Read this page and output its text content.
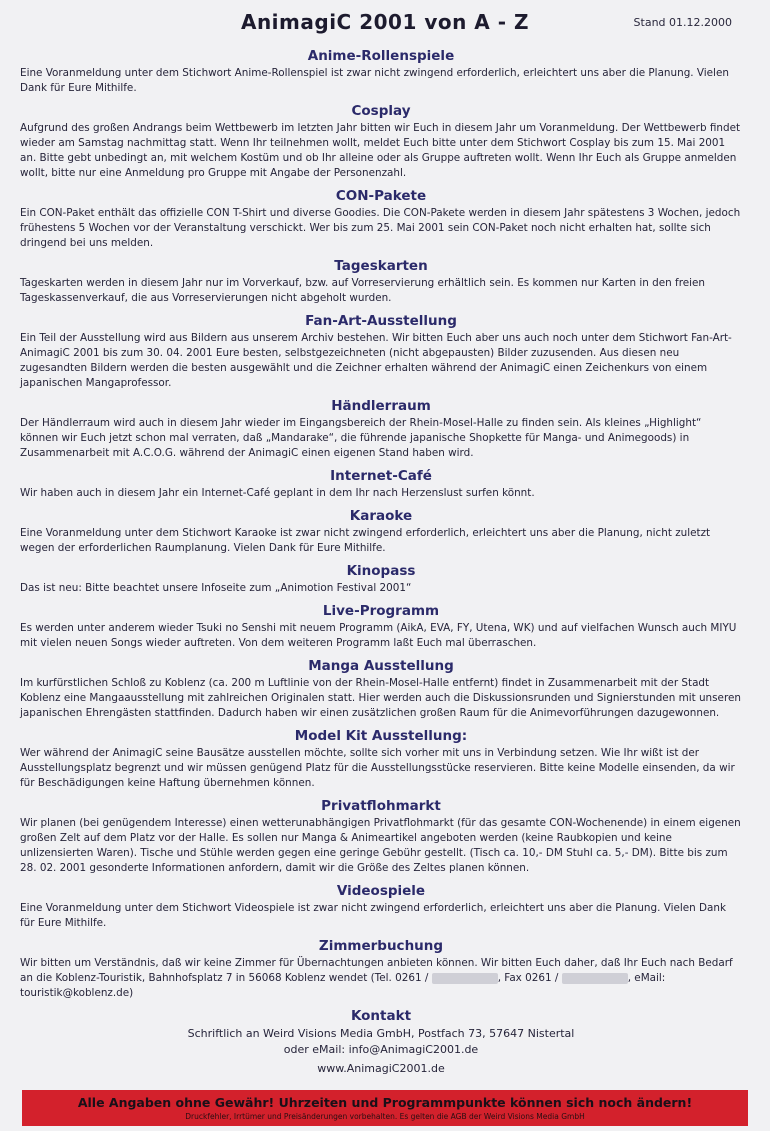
AnimagiC 2001 von A - Z	Stand 01.12.2000
Anime-Rollenspiele

Eine Voranmeldung unter dem Stichwort Anime-Rollenspiel ist zwar nicht zwingend erforderlich, erleichtert uns aber die Planung. Vielen Dank für Eure Mithilfe.

Cosplay

Aufgrund des großen Andrangs beim Wettbewerb im letzten Jahr bitten wir Euch in diesem Jahr um Voranmeldung. Der Wettbewerb findet wieder am Samstag nachmittag statt. Wenn Ihr teilnehmen wollt, meldet Euch bitte unter dem Stichwort Cosplay bis zum 15. Mai 2001 an. Bitte gebt unbedingt an, mit welchem Kostüm und ob Ihr alleine oder als Gruppe auftreten wollt. Wenn Ihr Euch als Gruppe anmelden wollt, bitte nur eine Anmeldung pro Gruppe mit Angabe der Personenzahl.

CON-Pakete

Ein CON-Paket enthält das offizielle CON T-Shirt und diverse Goodies. Die CON-Pakete werden in diesem Jahr spätestens 3 Wochen, jedoch frühestens 5 Wochen vor der Veranstaltung verschickt. Wer bis zum 25. Mai 2001 sein CON-Paket noch nicht erhalten hat, sollte sich dringend bei uns melden.

Tageskarten

Tageskarten werden in diesem Jahr nur im Vorverkauf, bzw. auf Vorreservierung erhältlich sein. Es kommen nur Karten in den freien Tageskassenverkauf, die aus Vorreservierungen nicht abgeholt wurden.

Fan-Art-Ausstellung

Ein Teil der Ausstellung wird aus Bildern aus unserem Archiv bestehen. Wir bitten Euch aber uns auch noch unter dem Stichwort Fan-Art-AnimagiC 2001 bis zum 30. 04. 2001 Eure besten, selbstgezeichneten (nicht abgepausten) Bilder zuzusenden. Aus diesen neu zugesandten Bildern werden die besten ausgewählt und die Zeichner erhalten während der AnimagiC einen Zeichenkurs von einem japanischen Mangaprofessor.

Händlerraum

Der Händlerraum wird auch in diesem Jahr wieder im Eingangsbereich der Rhein-Mosel-Halle zu finden sein. Als kleines „Highlight“ können wir Euch jetzt schon mal verraten, daß „Mandarake“, die führende japanische Shopkette für Manga- und Animegoods) in Zusammenarbeit mit A.C.O.G. während der AnimagiC einen eigenen Stand haben wird.

Internet-Café

Wir haben auch in diesem Jahr ein Internet-Café geplant in dem Ihr nach Herzenslust surfen könnt.

Karaoke

Eine Voranmeldung unter dem Stichwort Karaoke ist zwar nicht zwingend erforderlich, erleichtert uns aber die Planung, nicht zuletzt wegen der erforderlichen Raumplanung. Vielen Dank für Eure Mithilfe.

Kinopass

Das ist neu: Bitte beachtet unsere Infoseite zum „Animotion Festival 2001“

Live-Programm

Es werden unter anderem wieder Tsuki no Senshi mit neuem Programm (AikA, EVA, FY, Utena, WK) und auf vielfachen Wunsch auch MIYU mit vielen neuen Songs wieder auftreten. Von dem weiteren Programm laßt Euch mal überraschen.

Manga Ausstellung

Im kurfürstlichen Schloß zu Koblenz (ca. 200 m Luftlinie von der Rhein-Mosel-Halle entfernt) findet in Zusammenarbeit mit der Stadt Koblenz eine Mangaausstellung mit zahlreichen Originalen statt. Hier werden auch die Diskussionsrunden und Signierstunden mit unseren japanischen Ehrengästen stattfinden. Dadurch haben wir einen zusätzlichen großen Raum für die Animevorführungen dazugewonnen.

Model Kit Ausstellung:

Wer während der AnimagiC seine Bausätze ausstellen möchte, sollte sich vorher mit uns in Verbindung setzen. Wie Ihr wißt ist der Ausstellungsplatz begrenzt und wir müssen genügend Platz für die Ausstellungsstücke reservieren. Bitte keine Modelle einsenden, da wir für Beschädigungen keine Haftung übernehmen können.

Privatflohmarkt

Wir planen (bei genügendem Interesse) einen wetterunabhängigen Privatflohmarkt (für das gesamte CON-Wochenende) in einem eigenen großen Zelt auf dem Platz vor der Halle. Es sollen nur Manga & Animeartikel angeboten werden (keine Raubkopien und keine unlizensierten Waren). Tische und Stühle werden gegen eine geringe Gebühr gestellt. (Tisch ca. 10,- DM Stuhl ca. 5,- DM). Bitte bis zum 28. 02. 2001 gesonderte Informationen anfordern, damit wir die Größe des Zeltes planen können.

Videospiele

Eine Voranmeldung unter dem Stichwort Videospiele ist zwar nicht zwingend erforderlich, erleichtert uns aber die Planung. Vielen Dank für Eure Mithilfe.

Zimmerbuchung

Wir bitten um Verständnis, daß wir keine Zimmer für Übernachtungen anbieten können. Wir bitten Euch daher, daß Ihr Euch nach Bedarf an die Koblenz-Touristik, Bahnhofsplatz 7 in 56068 Koblenz wendet (Tel. 0261 /	, Fax 0261 /	, eMail: touristik@koblenz.de)

Kontakt

Schriftlich an Weird Visions Media GmbH, Postfach 73, 57647 Nistertal

oder eMail: info@AnimagiC2001.de

www.AnimagiC2001.de

Alle Angaben ohne Gewähr! Uhrzeiten und Programmpunkte können sich noch ändern!
Druckfehler, Irrtümer und Preisänderungen vorbehalten. Es gelten die AGB der Weird Visions Media GmbH
